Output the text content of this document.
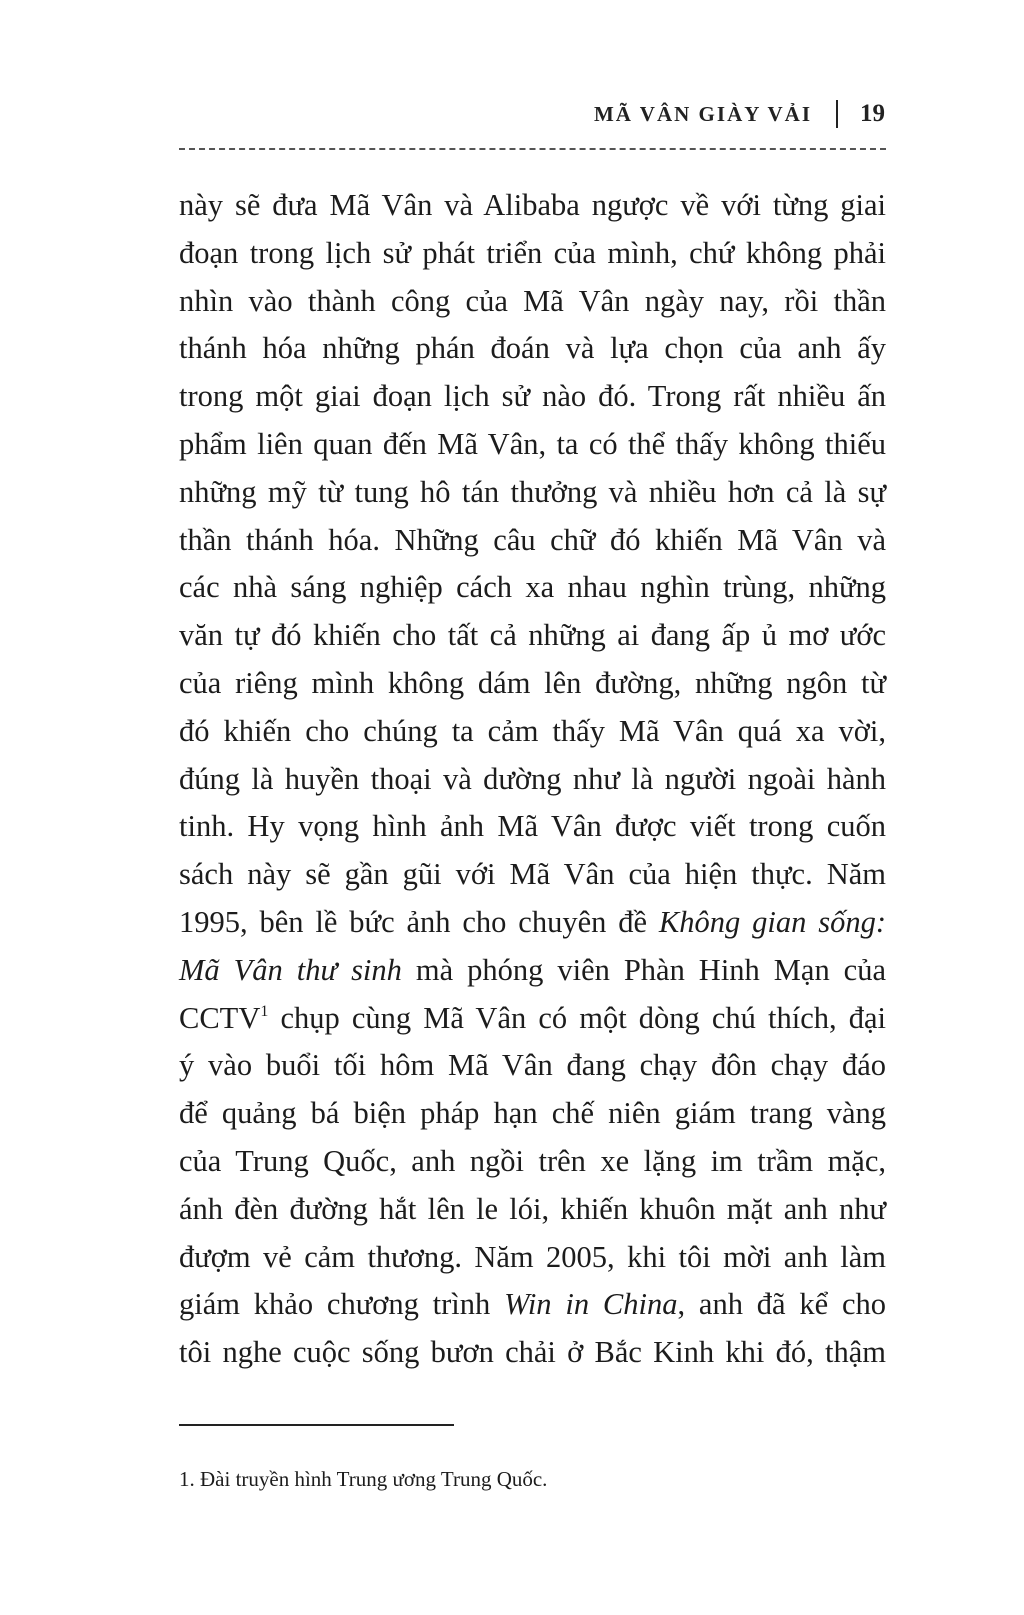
MÃ VÂN GIÀY VẢI 19
này sẽ đưa Mã Vân và Alibaba ngược về với từng giai
đoạn trong lịch sử phát triển của mình, chứ không phải
nhìn vào thành công của Mã Vân ngày nay, rồi thần
thánh hóa những phán đoán và lựa chọn của anh ấy
trong một giai đoạn lịch sử nào đó. Trong rất nhiều ấn
phẩm liên quan đến Mã Vân, ta có thể thấy không thiếu
những mỹ từ tung hô tán thưởng và nhiều hơn cả là sự
thần thánh hóa. Những câu chữ đó khiến Mã Vân và
các nhà sáng nghiệp cách xa nhau nghìn trùng, những
văn tự đó khiến cho tất cả những ai đang ấp ủ mơ ước
của riêng mình không dám lên đường, những ngôn từ
đó khiến cho chúng ta cảm thấy Mã Vân quá xa vời,
đúng là huyền thoại và dường như là người ngoài hành
tinh. Hy vọng hình ảnh Mã Vân được viết trong cuốn
sách này sẽ gần gũi với Mã Vân của hiện thực. Năm
1995, bên lề bức ảnh cho chuyên đề Không gian sống:
Mã Vân thư sinh mà phóng viên Phàn Hinh Mạn của
CCTV$^1$ chụp cùng Mã Vân có một dòng chú thích, đại
ý vào buổi tối hôm Mã Vân đang chạy đôn chạy đáo
để quảng bá biện pháp hạn chế niên giám trang vàng
của Trung Quốc, anh ngồi trên xe lặng im trầm mặc,
ánh đèn đường hắt lên le lói, khiến khuôn mặt anh như
đượm vẻ cảm thương. Năm 2005, khi tôi mời anh làm
giám khảo chương trình Win in China, anh đã kể cho
tôi nghe cuộc sống bươn chải ở Bắc Kinh khi đó, thậm

1. Đài truyền hình Trung ương Trung Quốc.
